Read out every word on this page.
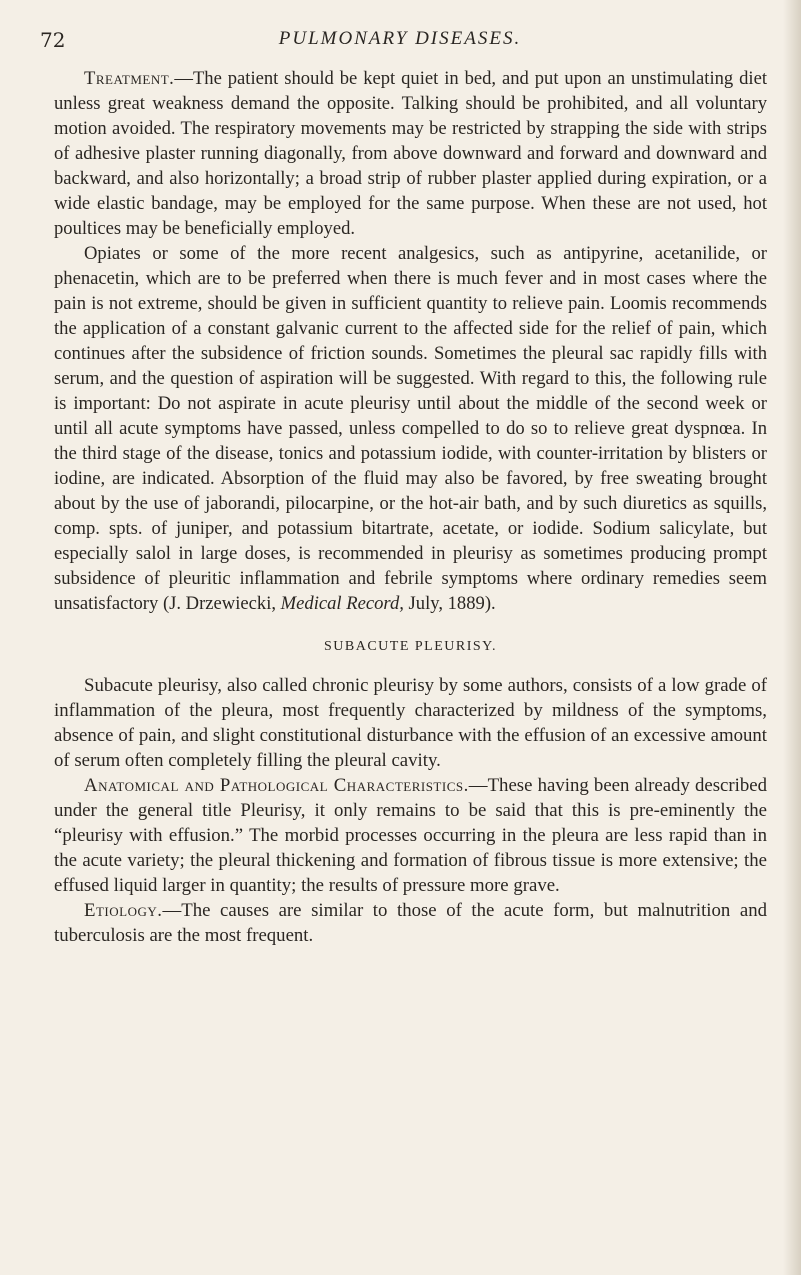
72	PULMONARY DISEASES.

Treatment.—The patient should be kept quiet in bed, and put upon an unstimulating diet unless great weakness demand the opposite. Talking should be prohibited, and all voluntary motion avoided. The respiratory movements may be restricted by strapping the side with strips of adhesive plaster running diagonally, from above downward and forward and downward and backward, and also horizontally; a broad strip of rubber plaster applied during expiration, or a wide elastic bandage, may be employed for the same purpose. When these are not used, hot poultices may be beneficially employed.

Opiates or some of the more recent analgesics, such as antipyrine, acetanilide, or phenacetin, which are to be preferred when there is much fever and in most cases where the pain is not extreme, should be given in sufficient quantity to relieve pain. Loomis recommends the application of a constant galvanic current to the affected side for the relief of pain, which continues after the subsidence of friction sounds. Sometimes the pleural sac rapidly fills with serum, and the question of aspiration will be suggested. With regard to this, the following rule is important: Do not aspirate in acute pleurisy until about the middle of the second week or until all acute symptoms have passed, unless compelled to do so to relieve great dyspnœa. In the third stage of the disease, tonics and potassium iodide, with counter-irritation by blisters or iodine, are indicated. Absorption of the fluid may also be favored, by free sweating brought about by the use of jaborandi, pilocarpine, or the hot-air bath, and by such diuretics as squills, comp. spts. of juniper, and potassium bitartrate, acetate, or iodide. Sodium salicylate, but especially salol in large doses, is recommended in pleurisy as sometimes producing prompt subsidence of pleuritic inflammation and febrile symptoms where ordinary remedies seem unsatisfactory (J. Drzewiecki, Medical Record, July, 1889).

SUBACUTE PLEURISY.

Subacute pleurisy, also called chronic pleurisy by some authors, consists of a low grade of inflammation of the pleura, most frequently characterized by mildness of the symptoms, absence of pain, and slight constitutional disturbance with the effusion of an excessive amount of serum often completely filling the pleural cavity.

Anatomical and Pathological Characteristics.—These having been already described under the general title Pleurisy, it only remains to be said that this is pre-eminently the “pleurisy with effusion.” The morbid processes occurring in the pleura are less rapid than in the acute variety; the pleural thickening and formation of fibrous tissue is more extensive; the effused liquid larger in quantity; the results of pressure more grave.

Etiology.—The causes are similar to those of the acute form, but malnutrition and tuberculosis are the most frequent.
